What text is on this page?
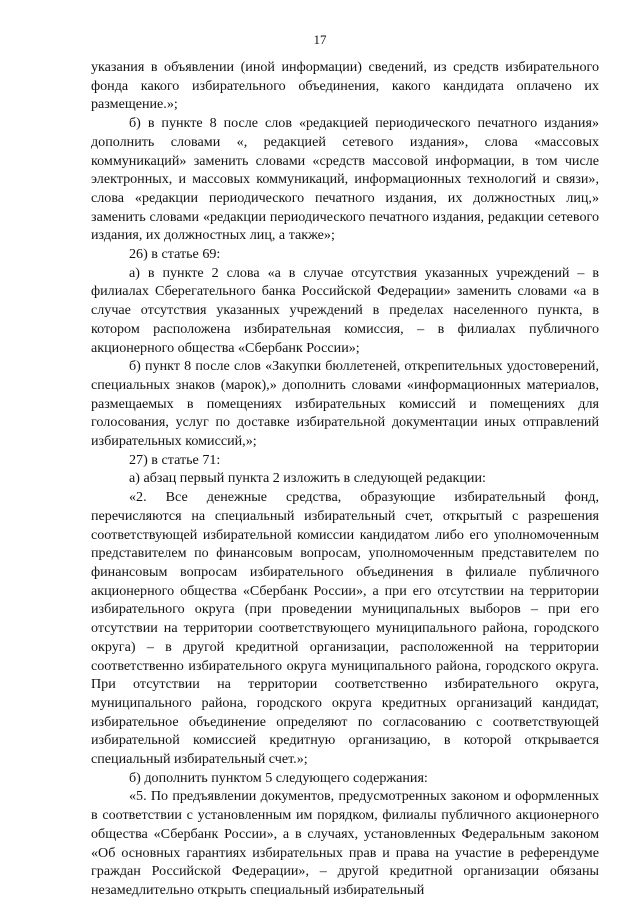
17

указания в объявлении (иной информации) сведений, из средств избирательного фонда какого избирательного объединения, какого кандидата оплачено их размещение.»;

б) в пункте 8 после слов «редакцией периодического печатного издания» дополнить словами «, редакцией сетевого издания», слова «массовых коммуникаций» заменить словами «средств массовой информации, в том числе электронных, и массовых коммуникаций, информационных технологий и связи», слова «редакции периодического печатного издания, их должностных лиц,» заменить словами «редакции периодического печатного издания, редакции сетевого издания, их должностных лиц, а также»;

26) в статье 69:

а) в пункте 2 слова «а в случае отсутствия указанных учреждений – в филиалах Сберегательного банка Российской Федерации» заменить словами «а в случае отсутствия указанных учреждений в пределах населенного пункта, в котором расположена избирательная комиссия, – в филиалах публичного акционерного общества «Сбербанк России»;

б) пункт 8 после слов «Закупки бюллетеней, открепительных удостоверений, специальных знаков (марок),» дополнить словами «информационных материалов, размещаемых в помещениях избирательных комиссий и помещениях для голосования, услуг по доставке избирательной документации иных отправлений избирательных комиссий,»;

27) в статье 71:

а) абзац первый пункта 2 изложить в следующей редакции:

«2. Все денежные средства, образующие избирательный фонд, перечисляются на специальный избирательный счет, открытый с разрешения соответствующей избирательной комиссии кандидатом либо его уполномоченным представителем по финансовым вопросам, уполномоченным представителем по финансовым вопросам избирательного объединения в филиале публичного акционерного общества «Сбербанк России», а при его отсутствии на территории избирательного округа (при проведении муниципальных выборов – при его отсутствии на территории соответствующего муниципального района, городского округа) – в другой кредитной организации, расположенной на территории соответственно избирательного округа муниципального района, городского округа. При отсутствии на территории соответственно избирательного округа, муниципального района, городского округа кредитных организаций кандидат, избирательное объединение определяют по согласованию с соответствующей избирательной комиссией кредитную организацию, в которой открывается специальный избирательный счет.»;

б) дополнить пунктом 5 следующего содержания:

«5. По предъявлении документов, предусмотренных законом и оформленных в соответствии с установленным им порядком, филиалы публичного акционерного общества «Сбербанк России», а в случаях, установленных Федеральным законом «Об основных гарантиях избирательных прав и права на участие в референдуме граждан Российской Федерации», – другой кредитной организации обязаны незамедлительно открыть специальный избирательный
